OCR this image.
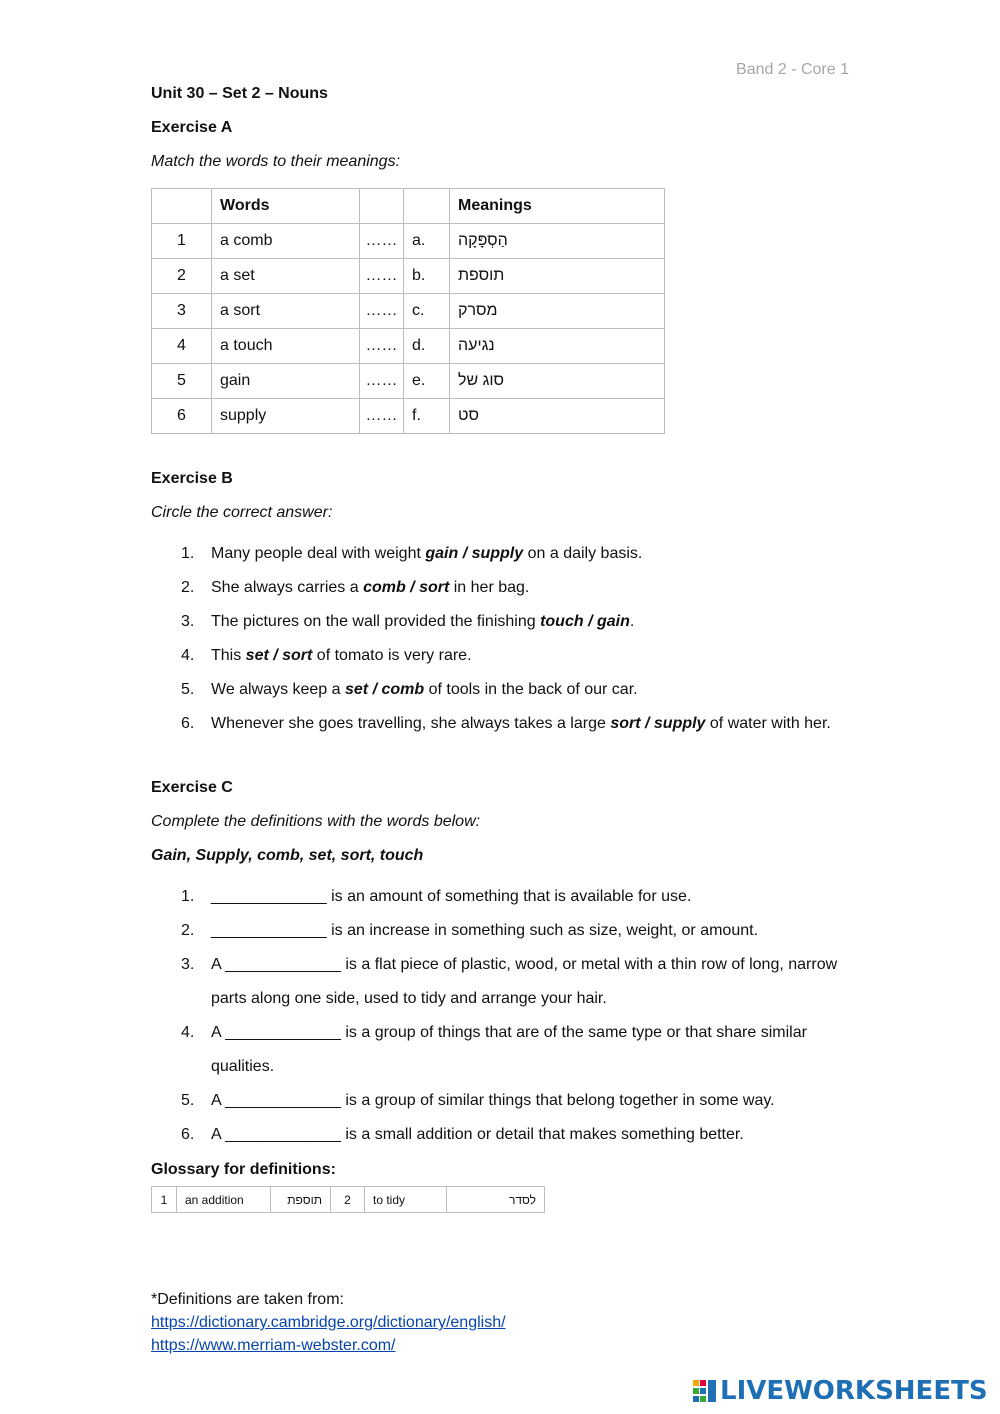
Band 2 - Core 1
Unit 30 – Set 2 – Nouns
Exercise A
Match the words to their meanings:
	Words			Meanings
1	a comb	……	a.	הַסְפָּקָה
2	a set	……	b.	תוספת
3	a sort	……	c.	מסרק
4	a touch	……	d.	נגיעה
5	gain	……	e.	סוג של
6	supply	……	f.	סט
Exercise B
Circle the correct answer:
1.	Many people deal with weight gain / supply on a daily basis.
2.	She always carries a comb / sort in her bag.
3.	The pictures on the wall provided the finishing touch / gain.
4.	This set / sort of tomato is very rare.
5.	We always keep a set / comb of tools in the back of our car.
6.	Whenever she goes travelling, she always takes a large sort / supply of water with her.
Exercise C
Complete the definitions with the words below:
Gain, Supply, comb, set, sort, touch
1.	_____________ is an amount of something that is available for use.
2.	_____________ is an increase in something such as size, weight, or amount.
3.	A _____________ is a flat piece of plastic, wood, or metal with a thin row of long, narrow parts along one side, used to tidy and arrange your hair.
4.	A _____________ is a group of things that are of the same type or that share similar qualities.
5.	A _____________ is a group of similar things that belong together in some way.
6.	A _____________ is a small addition or detail that makes something better.
Glossary for definitions:
1	an addition	תוספת	2	to tidy	לסדר
*Definitions are taken from:
https://dictionary.cambridge.org/dictionary/english/
https://www.merriam-webster.com/
LIVEWORKSHEETS
